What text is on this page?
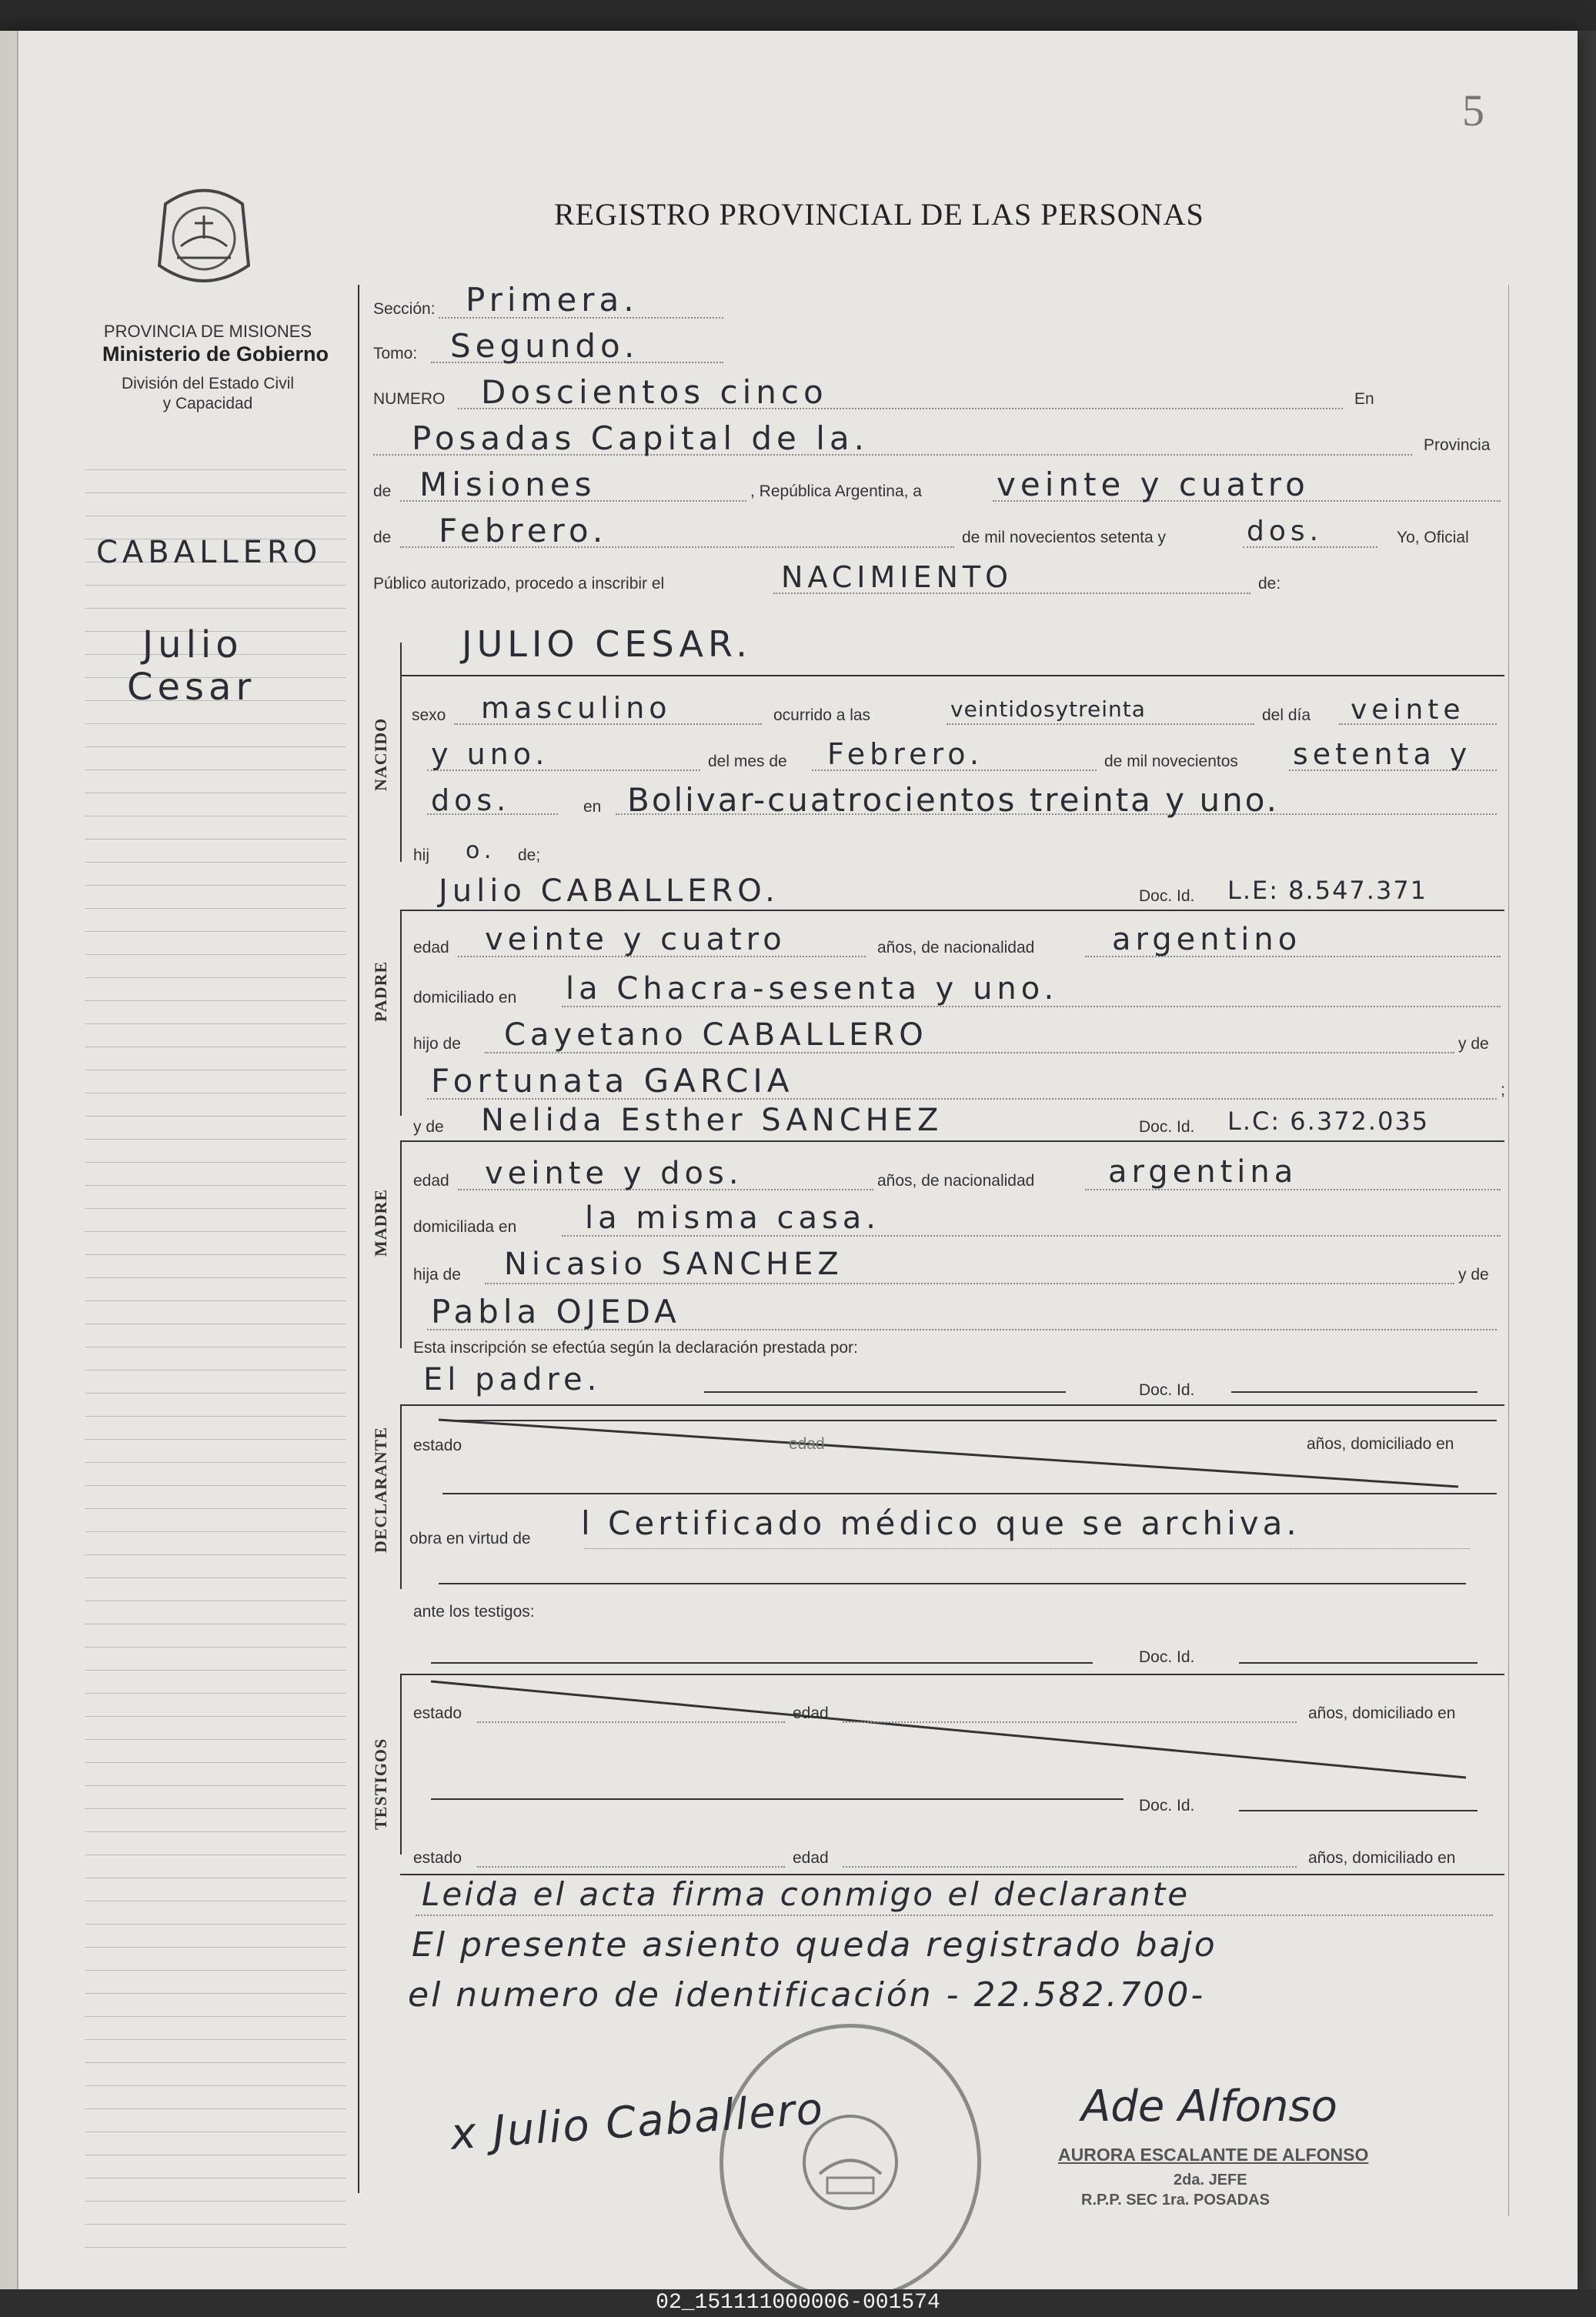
5
PROVINCIA DE MISIONES
Ministerio de Gobierno
División del Estado Civil
y Capacidad
REGISTRO PROVINCIAL DE LAS PERSONAS
CABALLERO
Julio
Cesar
Sección: Primera.
Tomo: Segundo.
NUMERO Doscientos cinco	En
Posadas Capital de la.	Provincia
de Misiones	, República Argentina, a veinte y cuatro
de Febrero.	de mil novecientos setenta y	dos.	Yo, Oficial
Público autorizado, procedo a inscribir el	NACIMIENTO	de:
NACIDO
JULIO CESAR.
sexo masculino	ocurrido a las	veintidosytreinta	del día veinte
y uno.	del mes de Febrero.	de mil novecientos setenta y
dos.	en Bolivar-cuatrocientos treinta y uno.
hij o. de;
Julio CABALLERO.	Doc. Id. L.E: 8.547.371
PADRE
edad veinte y cuatro	años, de nacionalidad	argentino
domiciliado en la Chacra-sesenta y uno.
hijo de Cayetano CABALLERO	y de
Fortunata GARCIA	;
y de Nelida Esther SANCHEZ	Doc. Id. L.C: 6.372.035
MADRE
edad veinte y dos.	años, de nacionalidad argentina
domiciliada en la misma casa.
hija de Nicasio SANCHEZ	y de
Pabla OJEDA
Esta inscripción se efectúa según la declaración prestada por:
El padre.	Doc. Id.
DECLARANTE estado	edad	años, domiciliado en
obra en virtud de l Certificado médico que se archiva.
ante los testigos:
Doc. Id.
TESTIGOS
estado	edad	años, domiciliado en
Doc. Id.
estado	edad	años, domiciliado en
Leida el acta firma conmigo el declarante
El presente asiento queda registrado bajo
el numero de identificación - 22.582.700-
x Julio Caballero	Ade Alfonso
AURORA ESCALANTE DE ALFONSO
2da. JEFE
R.P.P. SEC 1ra. POSADAS
02_151111000006-001574
